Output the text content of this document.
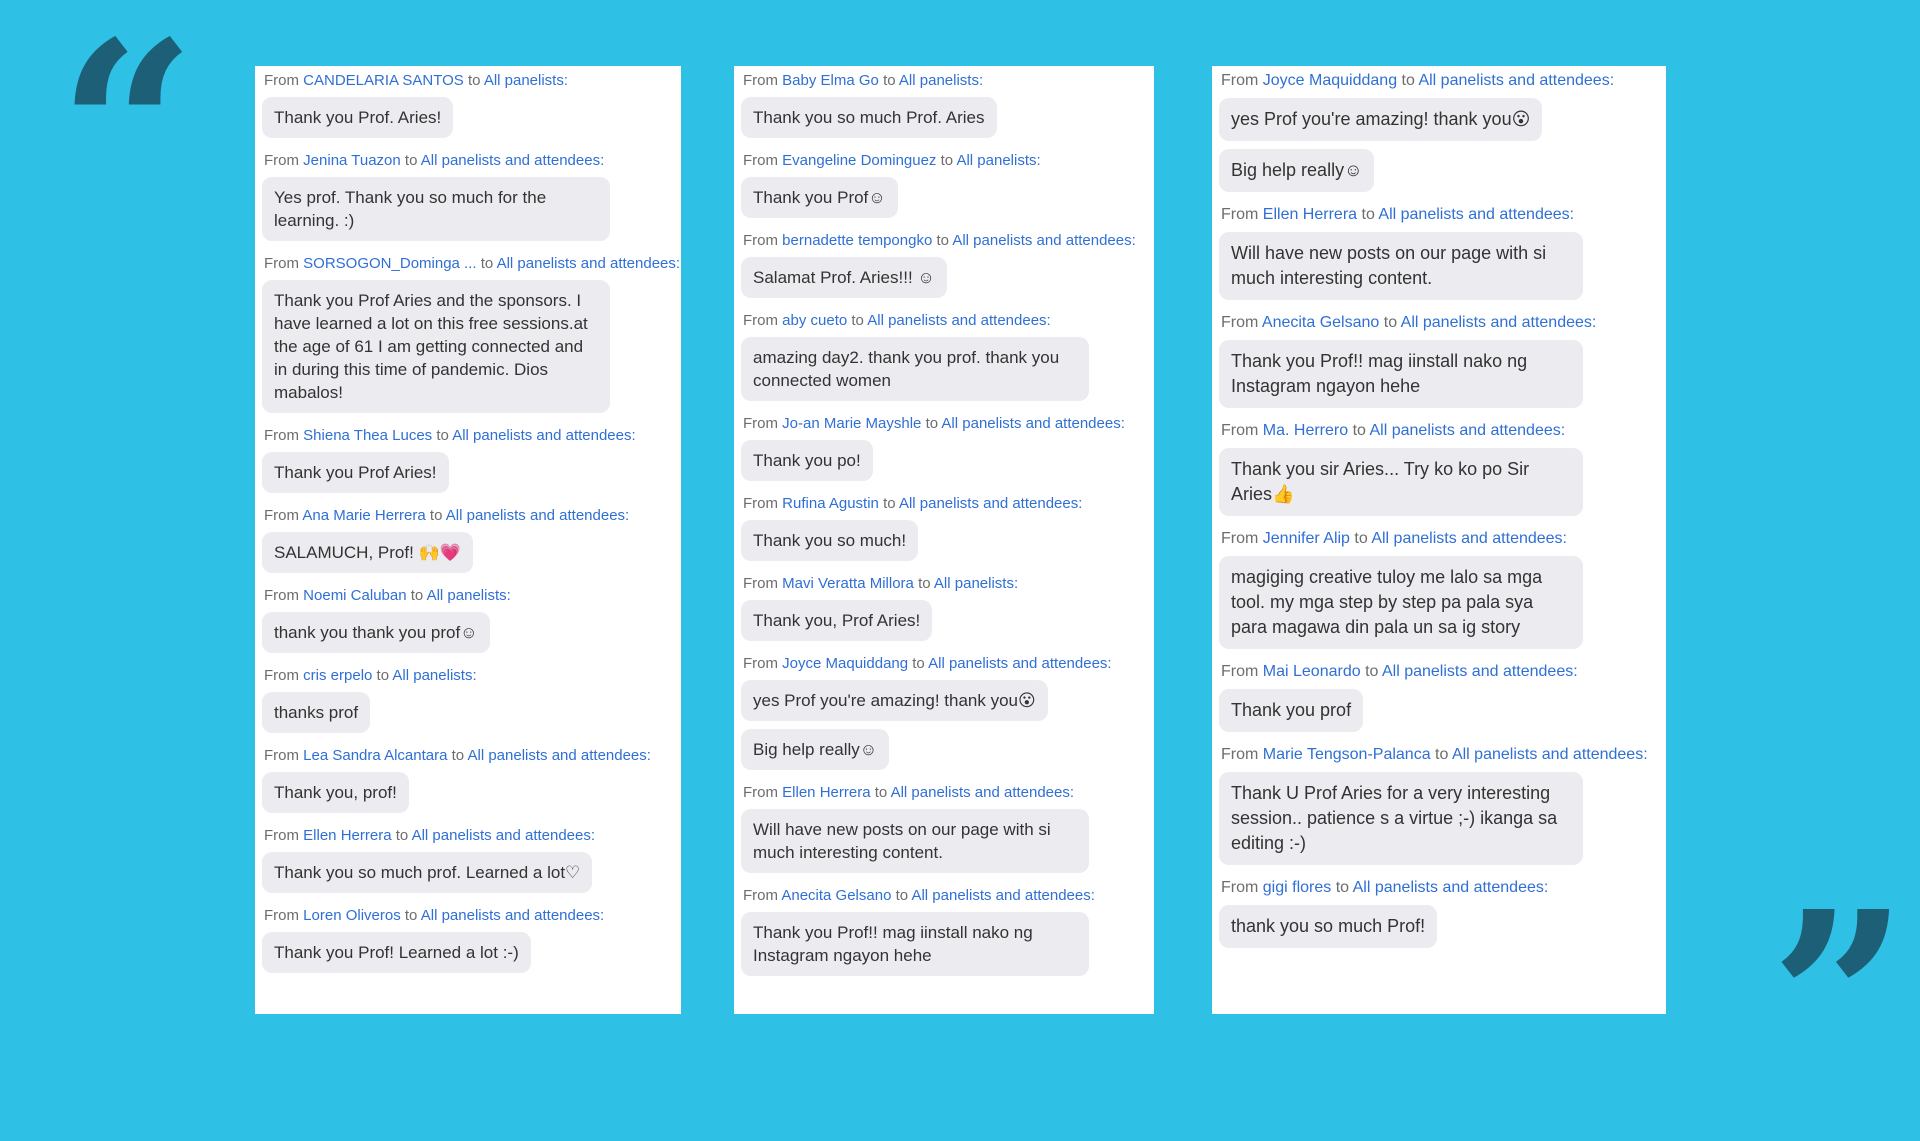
“
”
From CANDELARIA SANTOS to All panelists:
Thank you Prof. Aries!
From Jenina Tuazon to All panelists and attendees:
Yes prof. Thank you so much for the learning. :)
From SORSOGON_Dominga ... to All panelists and attendees:
Thank you Prof Aries and the sponsors. I have learned a lot on this free sessions.at the age of 61 I am getting connected and in during this time of pandemic. Dios mabalos!
From Shiena Thea Luces to All panelists and attendees:
Thank you Prof Aries!
From Ana Marie Herrera to All panelists and attendees:
SALAMUCH, Prof! 🙌💗
From Noemi Caluban to All panelists:
thank you thank you prof☺
From cris erpelo to All panelists:
thanks prof
From Lea Sandra Alcantara to All panelists and attendees:
Thank you, prof!
From Ellen Herrera to All panelists and attendees:
Thank you so much prof. Learned a lot♡
From Loren Oliveros to All panelists and attendees:
Thank you Prof! Learned a lot :-)
From Baby Elma Go to All panelists:
Thank you so much Prof. Aries
From Evangeline Dominguez to All panelists:
Thank you Prof☺
From bernadette tempongko to All panelists and attendees:
Salamat Prof. Aries!!! ☺
From aby cueto to All panelists and attendees:
amazing day2. thank you prof. thank you connected women
From Jo-an Marie Mayshle to All panelists and attendees:
Thank you po!
From Rufina Agustin to All panelists and attendees:
Thank you so much!
From Mavi Veratta Millora to All panelists:
Thank you, Prof Aries!
From Joyce Maquiddang to All panelists and attendees:
yes Prof you're amazing! thank you😮
Big help really☺
From Ellen Herrera to All panelists and attendees:
Will have new posts on our page with si much interesting content.
From Anecita Gelsano to All panelists and attendees:
Thank you Prof!! mag iinstall nako ng Instagram ngayon hehe
From Joyce Maquiddang to All panelists and attendees:
yes Prof you're amazing! thank you😮
Big help really☺
From Ellen Herrera to All panelists and attendees:
Will have new posts on our page with si much interesting content.
From Anecita Gelsano to All panelists and attendees:
Thank you Prof!! mag iinstall nako ng Instagram ngayon hehe
From Ma. Herrero to All panelists and attendees:
Thank you sir Aries... Try ko ko po Sir Aries👍
From Jennifer Alip to All panelists and attendees:
magiging creative tuloy me lalo sa mga tool. my mga step by step pa pala sya para magawa din pala un sa ig story
From Mai Leonardo to All panelists and attendees:
Thank you prof
From Marie Tengson-Palanca to All panelists and attendees:
Thank U Prof Aries for a very interesting session.. patience s a virtue ;-) ikanga sa editing :-)
From gigi flores to All panelists and attendees:
thank you so much Prof!
